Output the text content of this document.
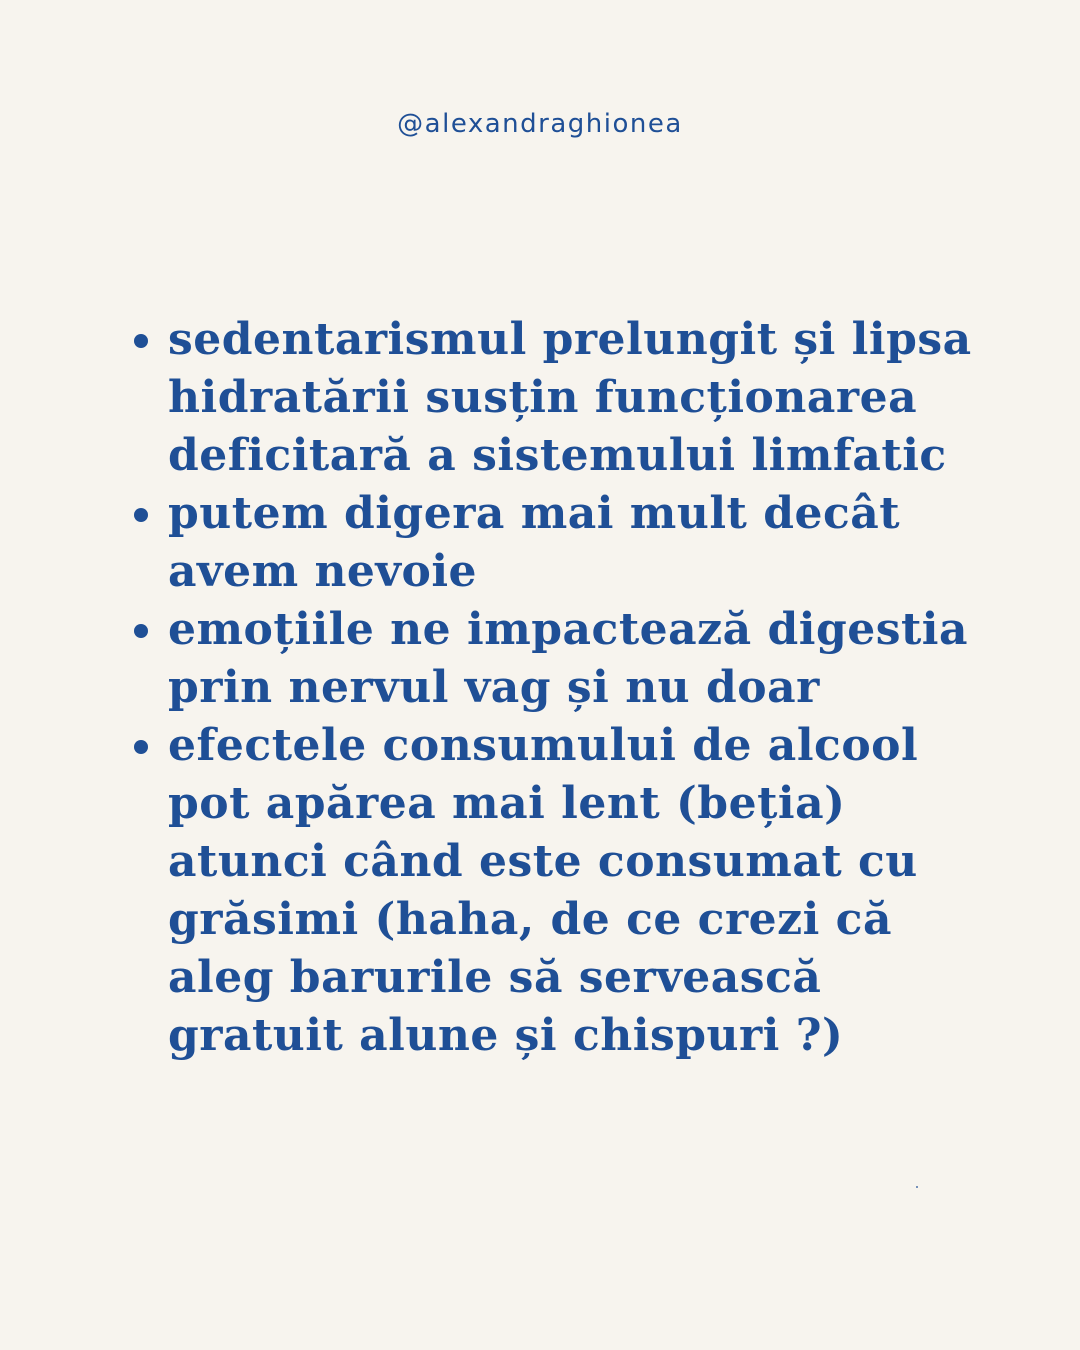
@alexandraghionea
sedentarismul prelungit și lipsa hidratării susțin funcționarea deficitară a sistemului limfatic
putem digera mai mult decât avem nevoie
emoțiile ne impactează digestia prin nervul vag și nu doar
efectele consumului de alcool pot apărea mai lent (beția) atunci când este consumat cu grăsimi (haha, de ce crezi că aleg barurile să servească gratuit alune și chispuri ?)
